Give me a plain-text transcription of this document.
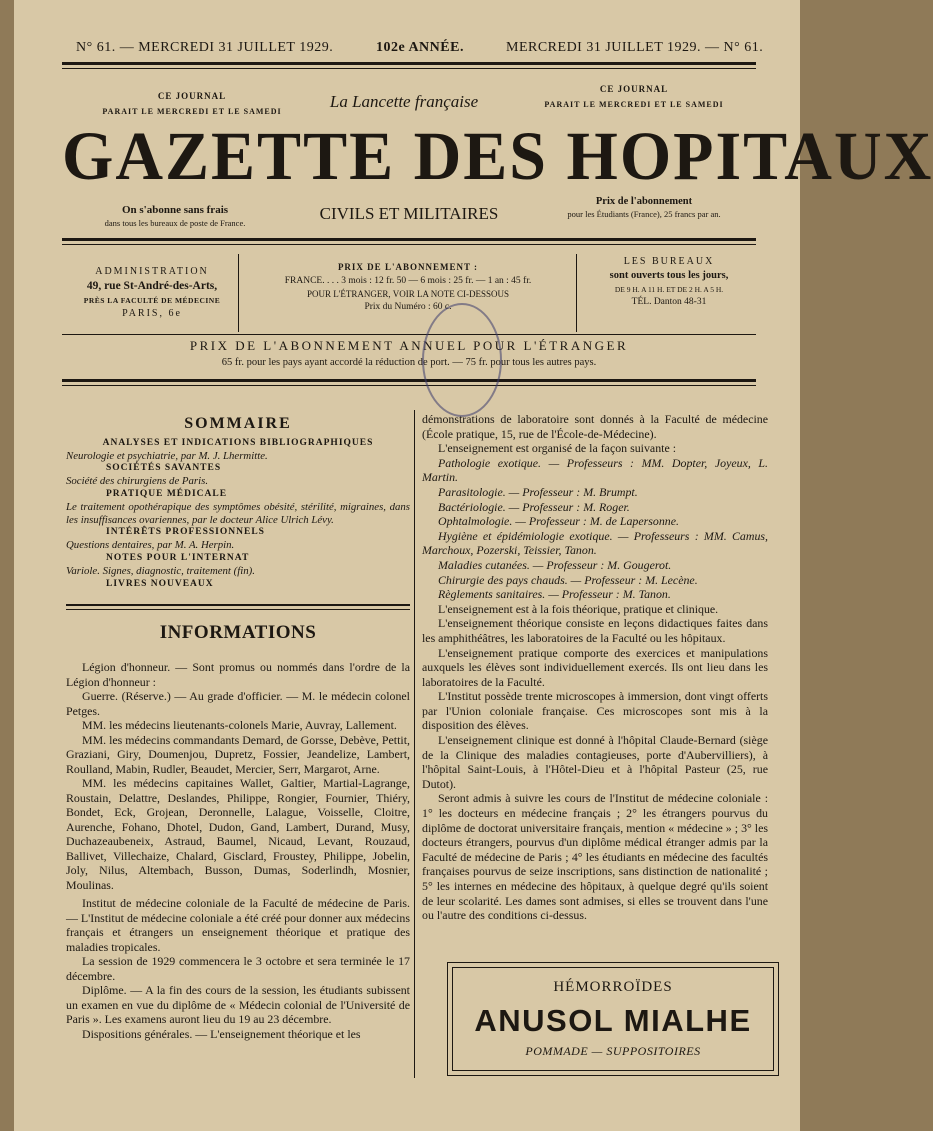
N° 61. — MERCREDI 31 JUILLET 1929.	102e ANNÉE.	MERCREDI 31 JUILLET 1929. — N° 61.
CE JOURNAL
PARAIT LE MERCREDI ET LE SAMEDI
La Lancette française
CE JOURNAL
PARAIT LE MERCREDI ET LE SAMEDI
GAZETTE DES HOPITAUX
On s'abonne sans frais
dans tous les bureaux de poste de France.	CIVILS ET MILITAIRES
Prix de l'abonnement
pour les Étudiants (France), 25 francs par an.
ADMINISTRATION
49, rue St-André-des-Arts,
PRÈS LA FACULTÉ DE MÉDECINE
PARIS, 6e
PRIX DE L'ABONNEMENT :
FRANCE. . . . 3 mois : 12 fr. 50 — 6 mois : 25 fr. — 1 an : 45 fr.
POUR L'ÉTRANGER, VOIR LA NOTE CI-DESSOUS
Prix du Numéro : 60 c.
LES BUREAUX
sont ouverts tous les jours,
DE 9 H. A 11 H. ET DE 2 H. A 5 H.
TÉL. Danton 48-31
PRIX DE L'ABONNEMENT ANNUEL POUR L'ÉTRANGER
65 fr. pour les pays ayant accordé la réduction de port. — 75 fr. pour tous les autres pays.
SOMMAIRE
ANALYSES ET INDICATIONS BIBLIOGRAPHIQUES
Neurologie et psychiatrie, par M. J. Lhermitte.
SOCIÉTÉS SAVANTES
Société des chirurgiens de Paris.
PRATIQUE MÉDICALE
Le traitement opothérapique des symptômes obésité, stérilité, migraines, dans les insuffisances ovariennes, par le docteur Alice Ulrich Lévy.
INTÉRÊTS PROFESSIONNELS
Questions dentaires, par M. A. Herpin.
NOTES POUR L'INTERNAT
Variole. Signes, diagnostic, traitement (fin).
LIVRES NOUVEAUX
INFORMATIONS

Légion d'honneur. — Sont promus ou nommés dans l'ordre de la Légion d'honneur :

Guerre. (Réserve.) — Au grade d'officier. — M. le médecin colonel Petges.

MM. les médecins lieutenants-colonels Marie, Auvray, Lallement.

MM. les médecins commandants Demard, de Gorsse, Debève, Pettit, Graziani, Giry, Doumenjou, Dupretz, Fossier, Jeandelize, Lambert, Roulland, Mabin, Rudler, Beaudet, Mercier, Serr, Margarot, Arne.

MM. les médecins capitaines Wallet, Galtier, Martial-Lagrange, Roustain, Delattre, Deslandes, Philippe, Rongier, Fournier, Thiéry, Bondet, Eck, Grojean, Deronnelle, Lalague, Voisselle, Cloitre, Aurenche, Fohano, Dhotel, Dudon, Gand, Lambert, Durand, Musy, Duchazeaubeneix, Astraud, Baumel, Nicaud, Levant, Rouzaud, Ballivet, Villechaize, Chalard, Gisclard, Froustey, Philippe, Jobelin, Joly, Nilus, Altembach, Busson, Dumas, Soderlindh, Mosnier, Moulinas.

Institut de médecine coloniale de la Faculté de médecine de Paris. — L'Institut de médecine coloniale a été créé pour donner aux médecins français et étrangers un enseignement théorique et pratique des maladies tropicales.

La session de 1929 commencera le 3 octobre et sera terminée le 17 décembre.

Diplôme. — A la fin des cours de la session, les étudiants subissent un examen en vue du diplôme de « Médecin colonial de l'Université de Paris ». Les examens auront lieu du 19 au 23 décembre.

Dispositions générales. — L'enseignement théorique et les

démonstrations de laboratoire sont donnés à la Faculté de médecine (École pratique, 15, rue de l'École-de-Médecine).

L'enseignement est organisé de la façon suivante :

Pathologie exotique. — Professeurs : MM. Dopter, Joyeux, L. Martin.

Parasitologie. — Professeur : M. Brumpt.

Bactériologie. — Professeur : M. Roger.

Ophtalmologie. — Professeur : M. de Lapersonne.

Hygiène et épidémiologie exotique. — Professeurs : MM. Camus, Marchoux, Pozerski, Teissier, Tanon.

Maladies cutanées. — Professeur : M. Gougerot.

Chirurgie des pays chauds. — Professeur : M. Lecène.

Règlements sanitaires. — Professeur : M. Tanon.

L'enseignement est à la fois théorique, pratique et clinique.

L'enseignement théorique consiste en leçons didactiques faites dans les amphithéâtres, les laboratoires de la Faculté ou les hôpitaux.

L'enseignement pratique comporte des exercices et manipulations auxquels les élèves sont individuellement exercés. Ils ont lieu dans les laboratoires de la Faculté.

L'Institut possède trente microscopes à immersion, dont vingt offerts par l'Union coloniale française. Ces microscopes sont mis à la disposition des élèves.

L'enseignement clinique est donné à l'hôpital Claude-Bernard (siège de la Clinique des maladies contagieuses, porte d'Aubervilliers), à l'hôpital Saint-Louis, à l'Hôtel-Dieu et à l'hôpital Pasteur (25, rue Dutot).

Seront admis à suivre les cours de l'Institut de médecine coloniale : 1° les docteurs en médecine français ; 2° les étrangers pourvus du diplôme de doctorat universitaire français, mention « médecine » ; 3° les docteurs étrangers, pourvus d'un diplôme médical étranger admis par la Faculté de médecine de Paris ; 4° les étudiants en médecine des facultés françaises pourvus de seize inscriptions, sans distinction de nationalité ; 5° les internes en médecine des hôpitaux, à quelque degré qu'ils soient de leur scolarité. Les dames sont admises, si elles se trouvent dans l'une ou l'autre des conditions ci-dessus.

HÉMORROÏDES
ANUSOL MIALHE
POMMADE — SUPPOSITOIRES
